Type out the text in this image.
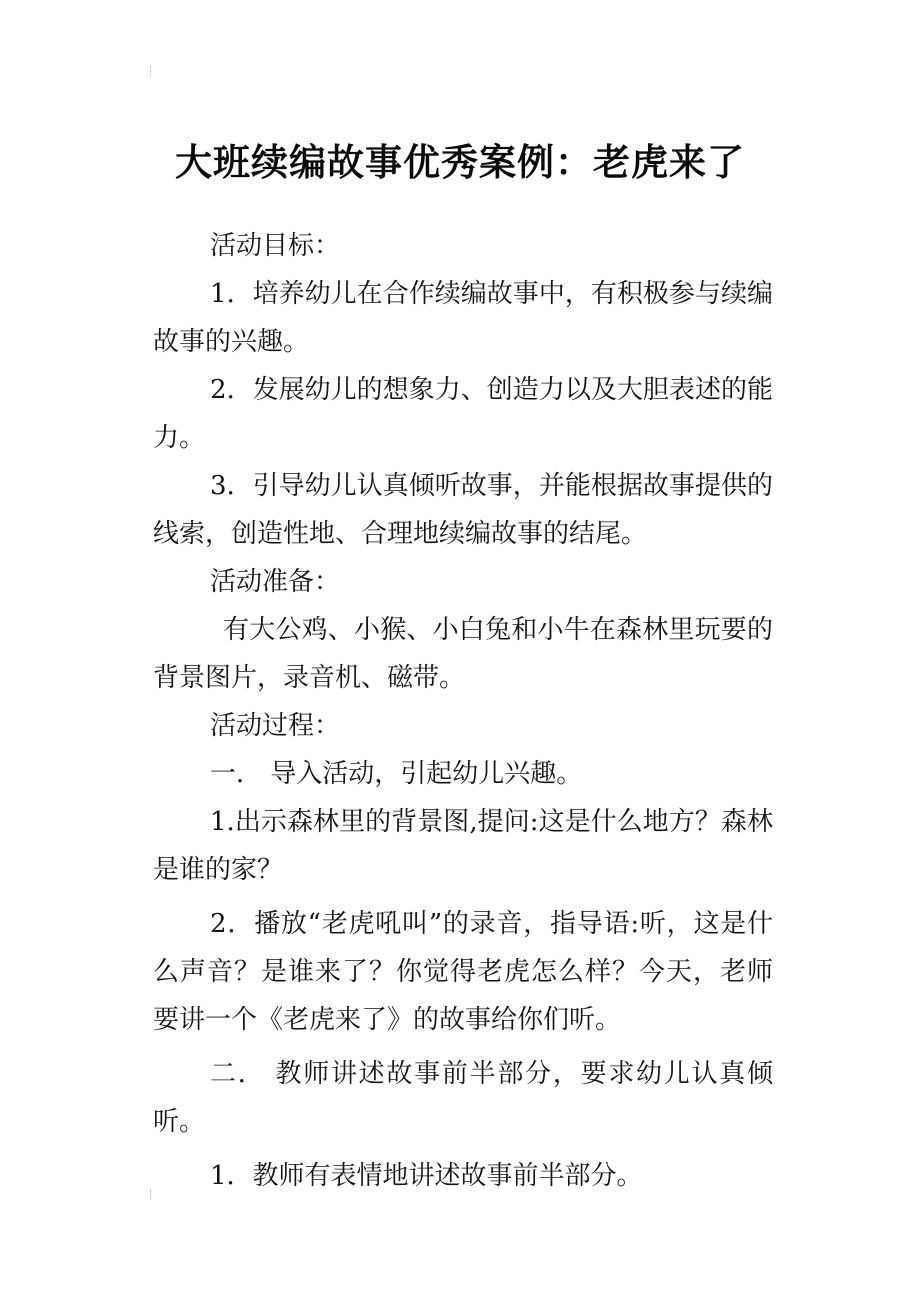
大班续编故事优秀案例：老虎来了

活动目标：

1．培养幼儿在合作续编故事中，有积极参与续编故事的兴趣。

2．发展幼儿的想象力、创造力以及大胆表述的能力。

3．引导幼儿认真倾听故事，并能根据故事提供的线索，创造性地、合理地续编故事的结尾。

活动准备：

有大公鸡、小猴、小白兔和小牛在森林里玩要的背景图片，录音机、磁带。

活动过程：

一． 导入活动，引起幼儿兴趣。

1.出示森林里的背景图,提问:这是什么地方？森林是谁的家？

2．播放“老虎吼叫”的录音，指导语:听，这是什么声音？是谁来了？你觉得老虎怎么样？今天，老师要讲一个《老虎来了》的故事给你们听。

二． 教师讲述故事前半部分，要求幼儿认真倾听。

1．教师有表情地讲述故事前半部分。
